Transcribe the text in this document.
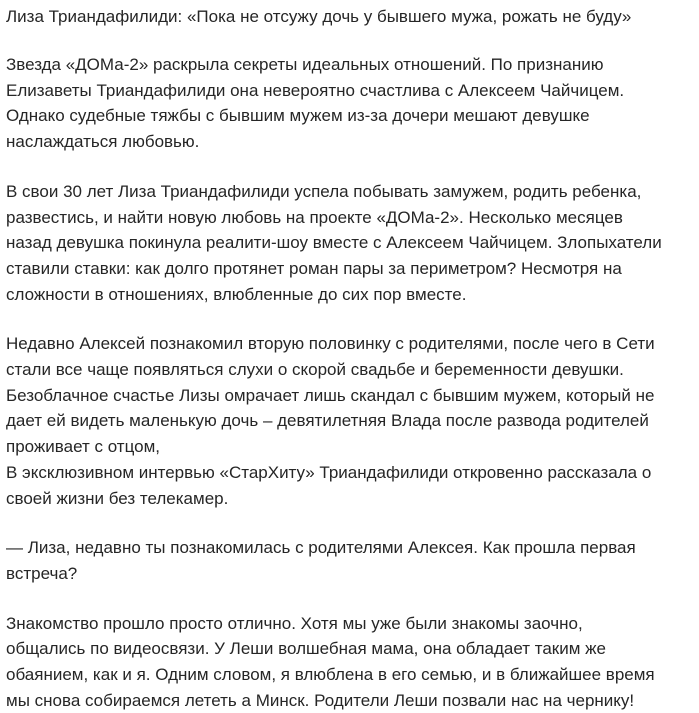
Лиза Триандафилиди: «Пока не отсужу дочь у бывшего мужа, рожать не буду»
Звезда «ДОМа-2» раскрыла секреты идеальных отношений. По признанию
Елизаветы Триандафилиди она невероятно счастлива с Алексеем Чайчицем.
Однако судебные тяжбы с бывшим мужем из-за дочери мешают девушке
наслаждаться любовью.
В свои 30 лет Лиза Триандафилиди успела побывать замужем, родить ребенка,
развестись, и найти новую любовь на проекте «ДОМа-2». Несколько месяцев
назад девушка покинула реалити-шоу вместе с Алексеем Чайчицем. Злопыхатели
ставили ставки: как долго протянет роман пары за периметром? Несмотря на
сложности в отношениях, влюбленные до сих пор вместе.
Недавно Алексей познакомил вторую половинку с родителями, после чего в Сети
стали все чаще появляться слухи о скорой свадьбе и беременности девушки.
Безоблачное счастье Лизы омрачает лишь скандал с бывшим мужем, который не
дает ей видеть маленькую дочь – девятилетняя Влада после развода родителей
проживает с отцом,
В эксклюзивном интервью «СтарХиту» Триандафилиди откровенно рассказала о
своей жизни без телекамер.
— Лиза, недавно ты познакомилась с родителями Алексея. Как прошла первая
встреча?
Знакомство прошло просто отлично. Хотя мы уже были знакомы заочно,
общались по видеосвязи. У Леши волшебная мама, она обладает таким же
обаянием, как и я. Одним словом, я влюблена в его семью, и в ближайшее время
мы снова собираемся лететь а Минск. Родители Леши позвали нас на чернику!
